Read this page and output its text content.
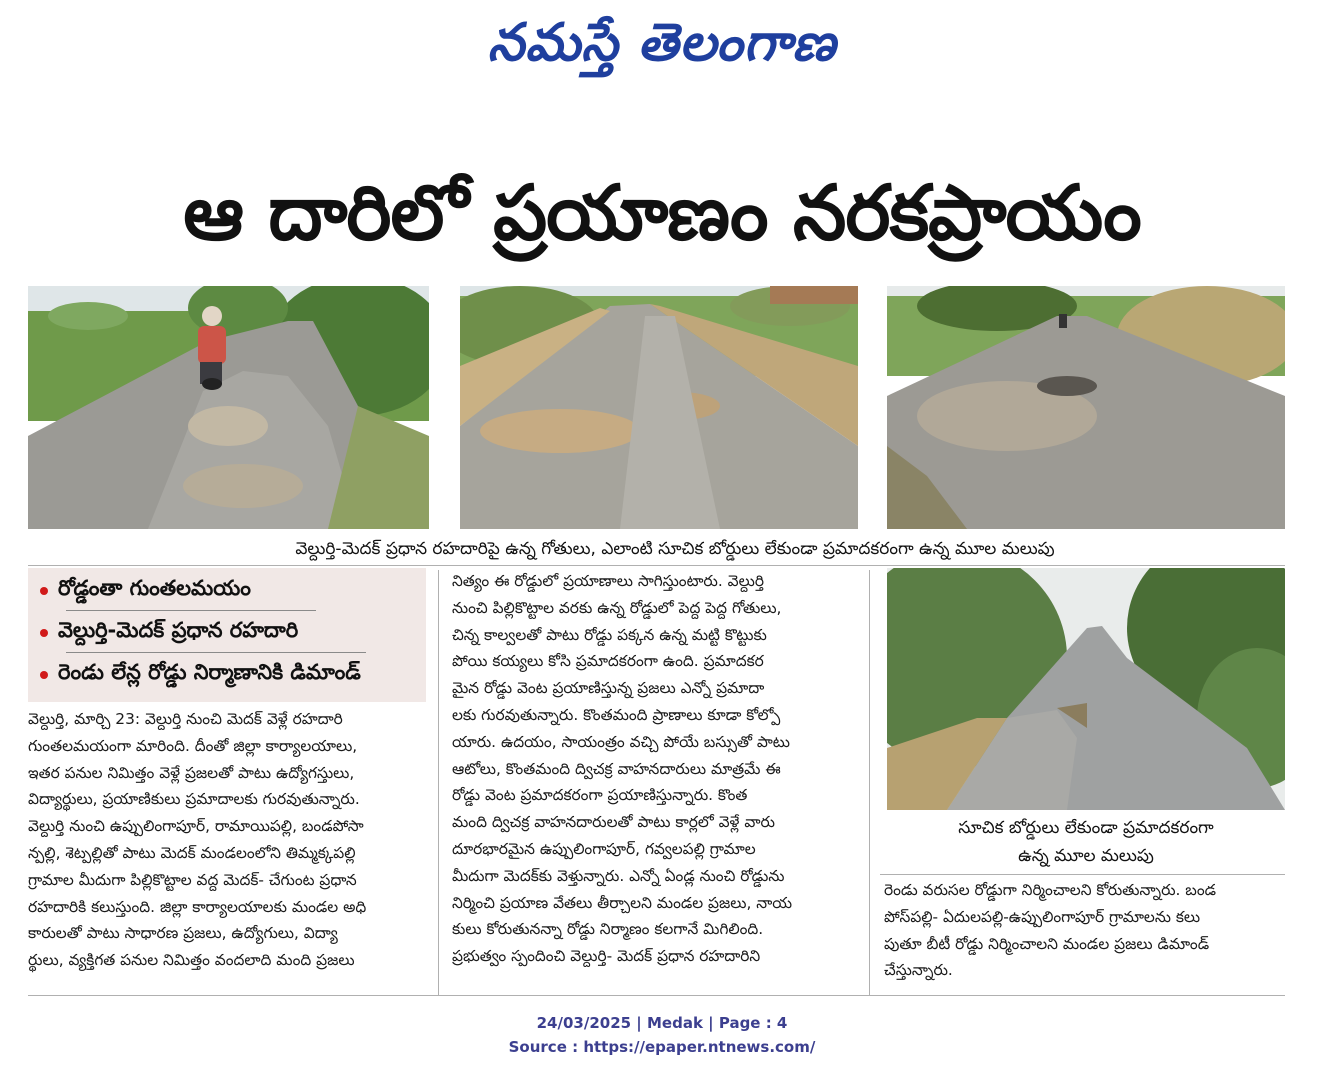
నమస్తే తెలంగాణ
ఆ దారిలో ప్రయాణం నరకప్రాయం
వెల్దుర్తి-మెదక్ ప్రధాన రహదారిపై ఉన్న గోతులు, ఎలాంటి సూచిక బోర్డులు లేకుండా ప్రమాదకరంగా ఉన్న మూల మలుపు
రోడ్డంతా గుంతలమయం
వెల్దుర్తి-మెదక్ ప్రధాన రహదారి
రెండు లేన్ల రోడ్డు నిర్మాణానికి డిమాండ్
వెల్దుర్తి, మార్చి 23: వెల్దుర్తి నుంచి మెదక్ వెళ్లే రహదారి
గుంతలమయంగా మారింది. దీంతో జిల్లా కార్యాలయాలు,
ఇతర పనుల నిమిత్తం వెళ్లే ప్రజలతో పాటు ఉద్యోగస్తులు,
విద్యార్థులు, ప్రయాణికులు ప్రమాదాలకు గురవుతున్నారు.
వెల్దుర్తి నుంచి ఉప్పులింగాపూర్, రామాయిపల్లి, బండపోసా
న్పల్లి, శెట్పల్లితో పాటు మెదక్ మండలంలోని తిమ్మక్కపల్లి
గ్రామాల మీదుగా పిల్లికొట్టాల వద్ద మెదక్- చేగుంట ప్రధాన
రహదారికి కలుస్తుంది. జిల్లా కార్యాలయాలకు మండల అధి
కారులతో పాటు సాధారణ ప్రజలు, ఉద్యోగులు, విద్యా
ర్థులు, వ్యక్తిగత పనుల నిమిత్తం వందలాది మంది ప్రజలు
నిత్యం ఈ రోడ్డులో ప్రయాణాలు సాగిస్తుంటారు. వెల్దుర్తి
నుంచి పిల్లికొట్టాల వరకు ఉన్న రోడ్డులో పెద్ద పెద్ద గోతులు,
చిన్న కాల్వలతో పాటు రోడ్డు పక్కన ఉన్న మట్టి కొట్టుకు
పోయి కయ్యలు కోసి ప్రమాదకరంగా ఉంది. ప్రమాదకర
మైన రోడ్డు వెంట ప్రయాణిస్తున్న ప్రజలు ఎన్నో ప్రమాదా
లకు గురవుతున్నారు. కొంతమంది ప్రాణాలు కూడా కోల్పో
యారు. ఉదయం, సాయంత్రం వచ్చి పోయే బస్సుతో పాటు
ఆటోలు, కొంతమంది ద్విచక్ర వాహనదారులు మాత్రమే ఈ
రోడ్డు వెంట ప్రమాదకరంగా ప్రయాణిస్తున్నారు. కొంత
మంది ద్విచక్ర వాహనదారులతో పాటు కార్లలో వెళ్లే వారు
దూరభారమైన ఉప్పులింగాపూర్, గవ్వలపల్లి గ్రామాల
మీదుగా మెదక్‌కు వెళ్తున్నారు. ఎన్నో ఏండ్ల నుంచి రోడ్డును
నిర్మించి ప్రయాణ వేతలు తీర్చాలని మండల ప్రజలు, నాయ
కులు కోరుతునన్నా రోడ్డు నిర్మాణం కలగానే మిగిలింది.
ప్రభుత్వం స్పందించి వెల్దుర్తి- మెదక్ ప్రధాన రహదారిని
సూచిక బోర్డులు లేకుండా ప్రమాదకరంగా
ఉన్న మూల మలుపు
రెండు వరుసల రోడ్డుగా నిర్మించాలని కోరుతున్నారు. బండ
పోస్‌పల్లి- ఏదులపల్లి-ఉప్పులింగాపూర్ గ్రామాలను కలు
పుతూ బీటీ రోడ్డు నిర్మించాలని మండల ప్రజలు డిమాండ్
చేస్తున్నారు.
24/03/2025 | Medak | Page : 4
Source : https://epaper.ntnews.com/
